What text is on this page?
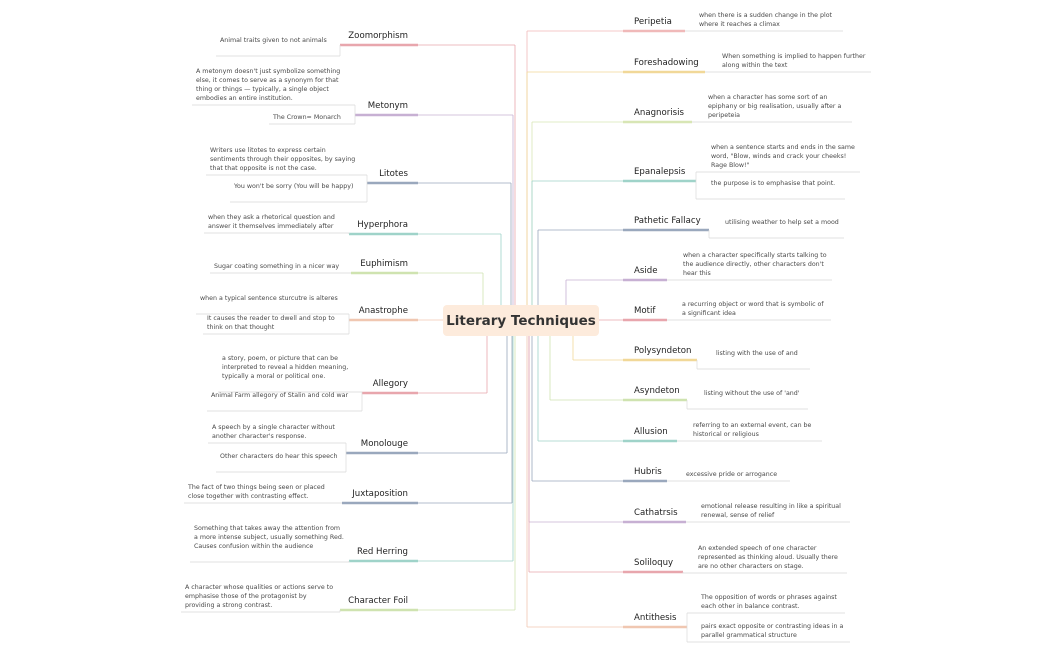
Literary Techniques
Zoomorphism
Animal traits given to not animals
Metonym
A metonym doesn't just symbolize something else, it comes to serve as a synonym for that thing or things — typically, a single object embodies an entire institution.
The Crown= Monarch
Litotes
Writers use litotes to express certain sentiments through their opposites, by saying that that opposite is not the case.
You won't be sorry (You will be happy)
Hyperphora
when they ask a rhetorical question and answer it themselves immediately after
Euphimism
Sugar coating something in a nicer way
Anastrophe
when a typical sentence sturcutre is alteres
It causes the reader to dwell and stop to think on that thought
Allegory
a story, poem, or picture that can be interpreted to reveal a hidden meaning, typically a moral or political one.
Animal Farm allegory of Stalin and cold war
Monolouge
A speech by a single character without another character's response.
Other characters do hear this speech
Juxtaposition
The fact of two things being seen or placed close together with contrasting effect.
Red Herring
Something that takes away the attention from a more intense subject, usually something Red. Causes confusion within the audience
Character Foil
A character whose qualities or actions serve to emphasise those of the protagonist by providing a strong contrast.
Peripetia
when there is a sudden change in the plot where it reaches a climax
Foreshadowing
When something is implied to happen further along within the text
Anagnorisis
when a character has some sort of an epiphany or big realisation, usually after a peripeteia
Epanalepsis
when a sentence starts and ends in the same word, "Blow, winds and crack your cheeks! Rage Blow!"
the purpose is to emphasise that point.
Pathetic Fallacy	utilising weather to help set a mood
Aside
when a character specifically starts talking to the audience directly, other characters don't hear this
Motif
a recurring object or word that is symbolic of a significant idea
Polysyndeton	listing with the use of and
Asyndeton	listing without the use of 'and'
Allusion
referring to an external event, can be historical or religious
Hubris	excessive pride or arrogance
Cathatrsis
emotional release resulting in like a spiritual renewal, sense of relief
Soliloquy
An extended speech of one character represented as thinking aloud. Usually there are no other characters on stage.
Antithesis
The opposition of words or phrases against each other in balance contrast.
pairs exact opposite or contrasting ideas in a parallel grammatical structure
